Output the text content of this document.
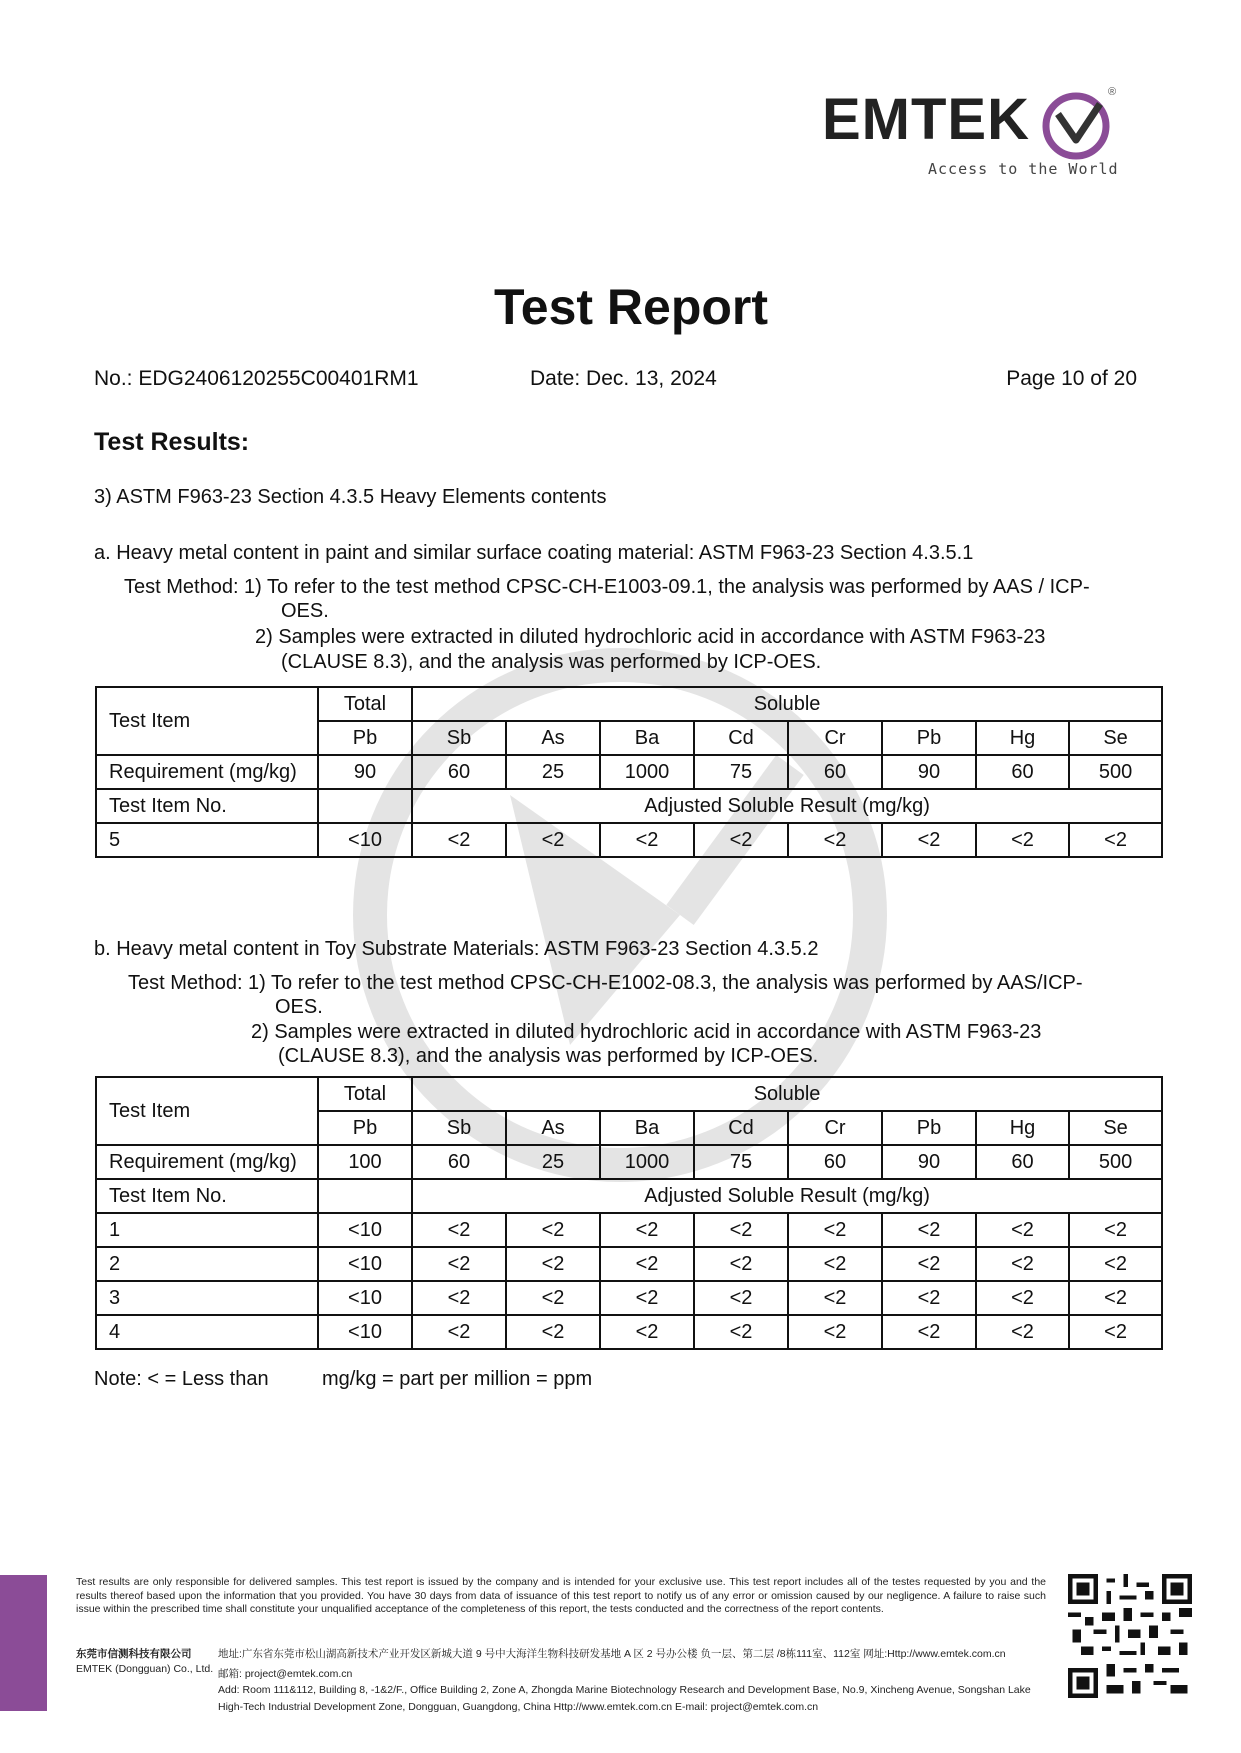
EMTEK	®
Access to the World
Test Report
No.: EDG2406120255C00401RM1	Date: Dec. 13, 2024	Page 10 of 20
Test Results:
3) ASTM F963-23 Section 4.3.5 Heavy Elements contents
a. Heavy metal content in paint and similar surface coating material: ASTM F963-23 Section 4.3.5.1
Test Method: 1) To refer to the test method CPSC-CH-E1003-09.1, the analysis was performed by AAS / ICP-
OES.
2) Samples were extracted in diluted hydrochloric acid in accordance with ASTM F963-23
(CLAUSE 8.3), and the analysis was performed by ICP-OES.
Test Item	Total	Soluble							
	Pb	Sb	As	Ba	Cd	Cr	Pb	Hg	Se
Requirement (mg/kg)	90	60	25	1000	75	60	90	60	500
Test Item No.		Adjusted Soluble Result (mg/kg)							
5	<10	<2	<2	<2	<2	<2	<2	<2	<2
b. Heavy metal content in Toy Substrate Materials: ASTM F963-23 Section 4.3.5.2
Test Method: 1) To refer to the test method CPSC-CH-E1002-08.3, the analysis was performed by AAS/ICP-
OES.
2) Samples were extracted in diluted hydrochloric acid in accordance with ASTM F963-23
(CLAUSE 8.3), and the analysis was performed by ICP-OES.
Test Item	Total	Soluble							
	Pb	Sb	As	Ba	Cd	Cr	Pb	Hg	Se
Requirement (mg/kg)	100	60	25	1000	75	60	90	60	500
Test Item No.		Adjusted Soluble Result (mg/kg)							
1	<10	<2	<2	<2	<2	<2	<2	<2	<2
2	<10	<2	<2	<2	<2	<2	<2	<2	<2
3	<10	<2	<2	<2	<2	<2	<2	<2	<2
4	<10	<2	<2	<2	<2	<2	<2	<2	<2
Note: < = Less than	mg/kg = part per million = ppm
Test results are only responsible for delivered samples. This test report is issued by the company and is intended for your exclusive use. This test report includes all of the testes requested by you and the results thereof based upon the information that you provided. You have 30 days from data of issuance of this test report to notify us of any error or omission caused by our negligence. A failure to raise such issue within the prescribed time shall constitute your unqualified acceptance of the completeness of this report, the tests conducted and the correctness of the report contents.
东莞市信测科技有限公司
EMTEK (Dongguan) Co., Ltd.
地址:广东省东莞市松山湖高新技术产业开发区新城大道 9 号中大海洋生物科技研发基地 A 区 2 号办公楼 负一层、第二层 /8栋111室、112室 网址:Http://www.emtek.com.cn
邮箱: project@emtek.com.cn
Add: Room 111&112, Building 8, -1&2/F., Office Building 2, Zone A, Zhongda Marine Biotechnology Research and Development Base, No.9, Xincheng Avenue, Songshan Lake
High-Tech Industrial Development Zone, Dongguan, Guangdong, China Http://www.emtek.com.cn E-mail: project@emtek.com.cn
